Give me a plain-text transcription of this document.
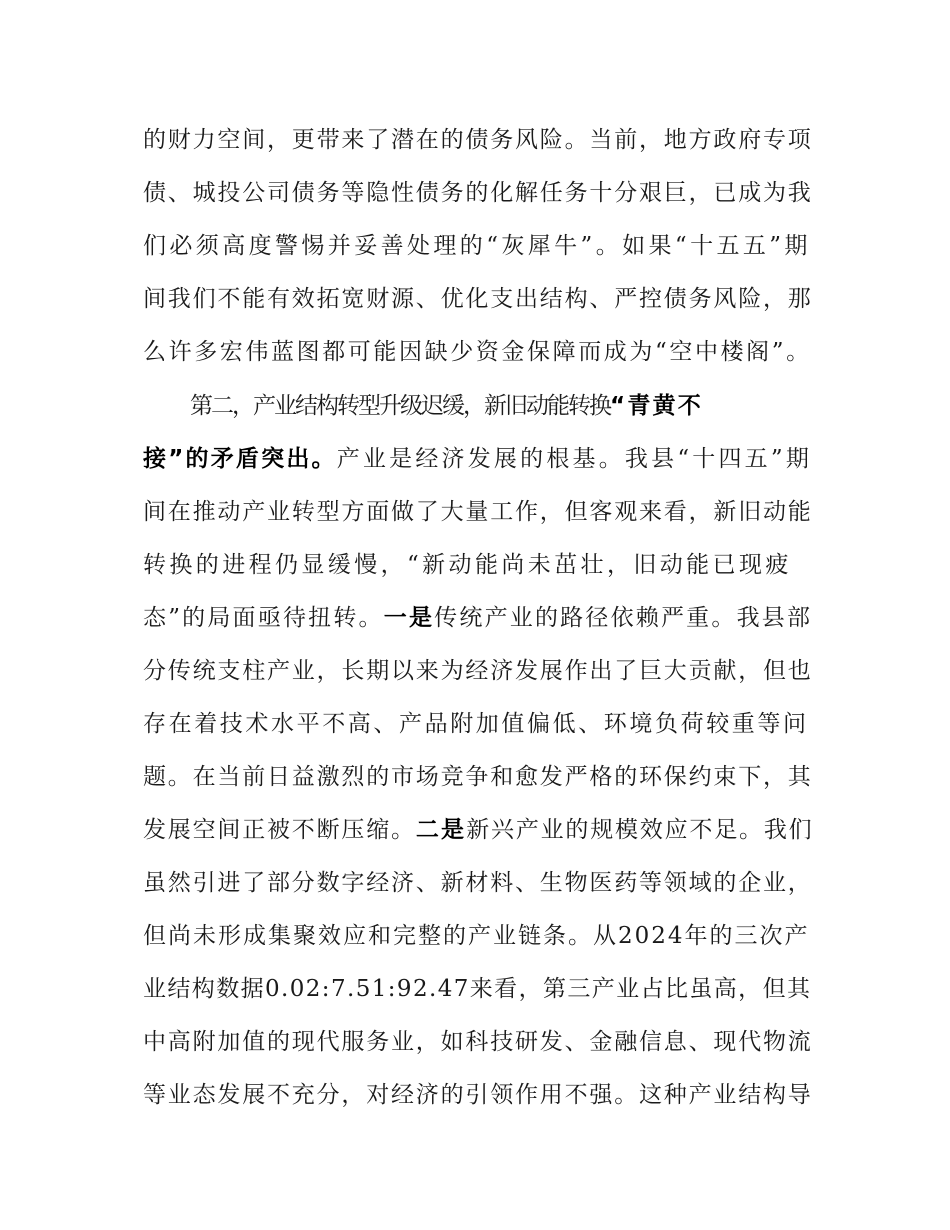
的财力空间，更带来了潜在的债务风险。当前，地方政府专项
债、城投公司债务等隐性债务的化解任务十分艰巨，已成为我
们必须高度警惕并妥善处理的“灰犀牛”。如果“十五五”期
间我们不能有效拓宽财源、优化支出结构、严控债务风险，那
么许多宏伟蓝图都可能因缺少资金保障而成为“空中楼阁”。
第二，产业结构转型升级迟缓，新旧动能转换“青黄不
接”的矛盾突出。产业是经济发展的根基。我县“十四五”期
间在推动产业转型方面做了大量工作，但客观来看，新旧动能
转换的进程仍显缓慢，“新动能尚未茁壮，旧动能已现疲
态”的局面亟待扭转。一是传统产业的路径依赖严重。我县部
分传统支柱产业，长期以来为经济发展作出了巨大贡献，但也
存在着技术水平不高、产品附加值偏低、环境负荷较重等问
题。在当前日益激烈的市场竞争和愈发严格的环保约束下，其
发展空间正被不断压缩。二是新兴产业的规模效应不足。我们
虽然引进了部分数字经济、新材料、生物医药等领域的企业，
但尚未形成集聚效应和完整的产业链条。从2024年的三次产
业结构数据0.02:7.51:92.47来看，第三产业占比虽高，但其
中高附加值的现代服务业，如科技研发、金融信息、现代物流
等业态发展不充分，对经济的引领作用不强。这种产业结构导
